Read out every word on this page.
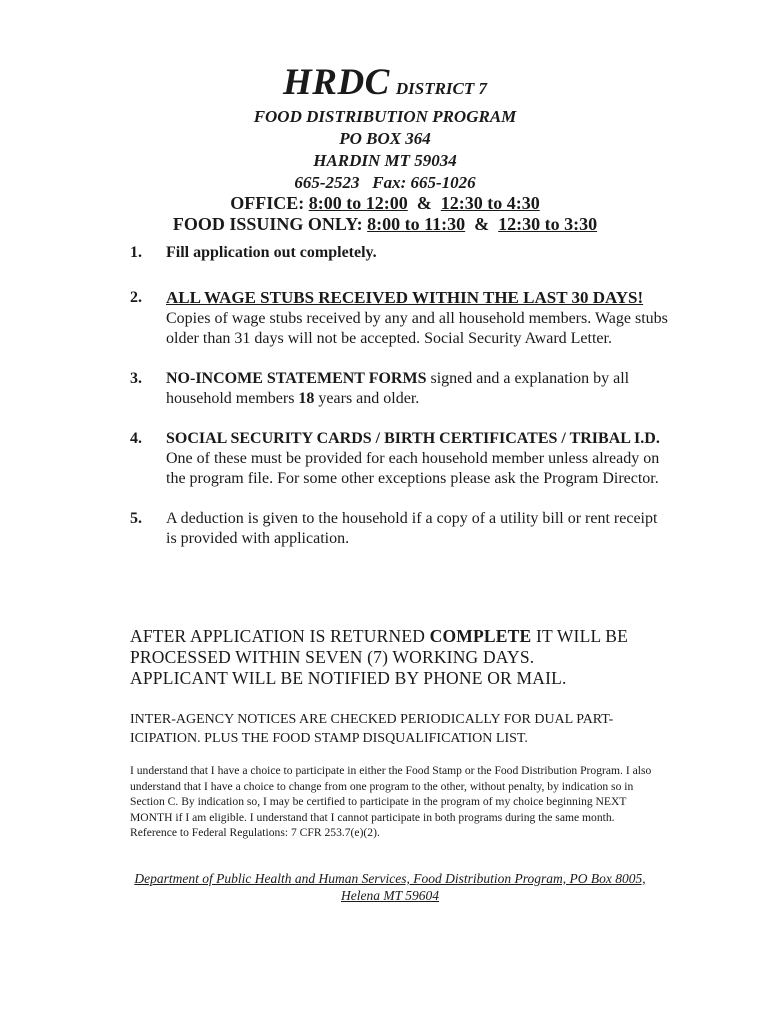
HRDC DISTRICT 7

FOOD DISTRIBUTION PROGRAM

PO BOX 364

HARDIN MT 59034

665-2523 Fax: 665-1026

OFFICE: 8:00 to 12:00 & 12:30 to 4:30

FOOD ISSUING ONLY: 8:00 to 11:30 & 12:30 to 3:30

1. Fill application out completely.
2. ALL WAGE STUBS RECEIVED WITHIN THE LAST 30 DAYS!
Copies of wage stubs received by any and all household members. Wage stubs older than 31 days will not be accepted. Social Security Award Letter.
3. NO-INCOME STATEMENT FORMS signed and a explanation by all household members 18 years and older.
4. SOCIAL SECURITY CARDS / BIRTH CERTIFICATES / TRIBAL I.D. One of these must be provided for each household member unless already on the program file. For some other exceptions please ask the Program Director.
5. A deduction is given to the household if a copy of a utility bill or rent receipt is provided with application.
AFTER APPLICATION IS RETURNED COMPLETE IT WILL BE PROCESSED WITHIN SEVEN (7) WORKING DAYS. APPLICANT WILL BE NOTIFIED BY PHONE OR MAIL.
INTER-AGENCY NOTICES ARE CHECKED PERIODICALLY FOR DUAL PART-ICIPATION. PLUS THE FOOD STAMP DISQUALIFICATION LIST.
I understand that I have a choice to participate in either the Food Stamp or the Food Distribution Program. I also understand that I have a choice to change from one program to the other, without penalty, by indication so in Section C. By indication so, I may be certified to participate in the program of my choice beginning NEXT MONTH if I am eligible. I understand that I cannot participate in both programs during the same month. Reference to Federal Regulations: 7 CFR 253.7(e)(2).
Department of Public Health and Human Services, Food Distribution Program, PO Box 8005,
Helena MT 59604
